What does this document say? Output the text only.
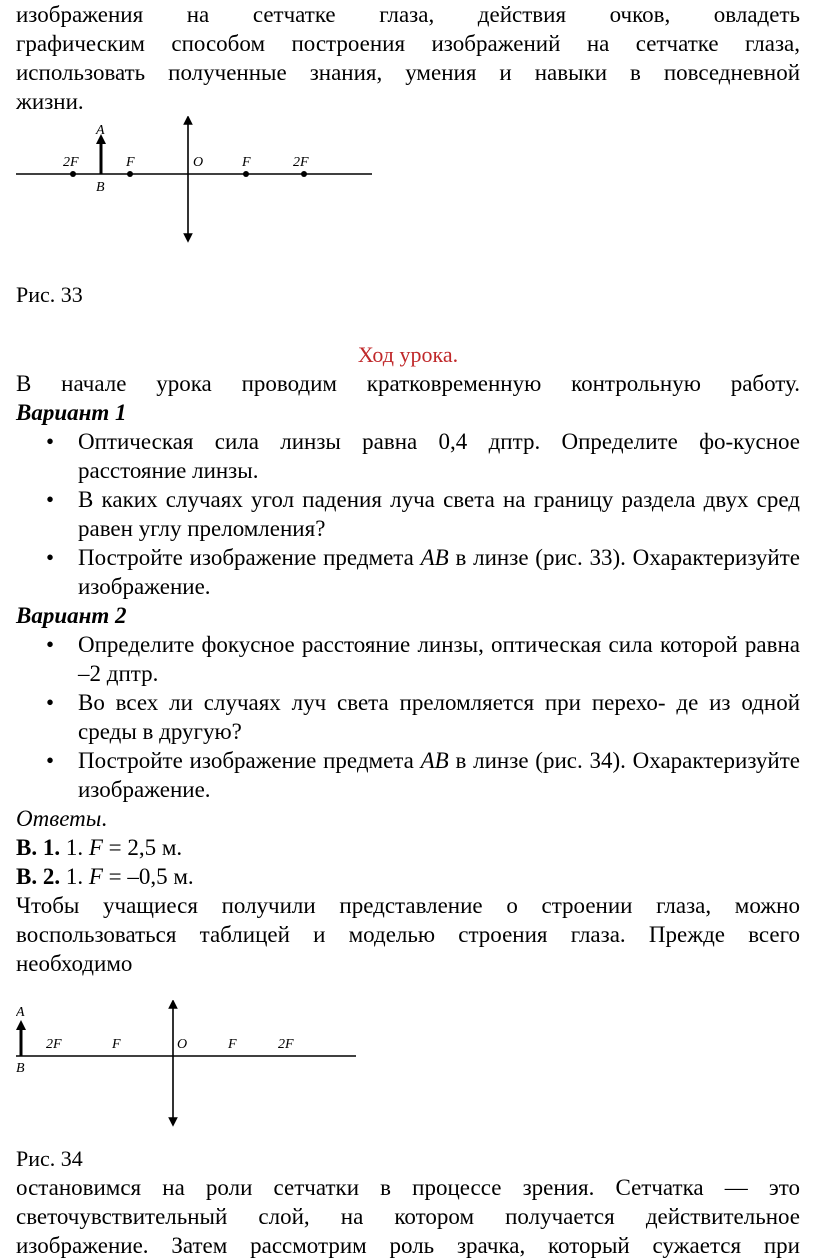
изображения на сетчатке глаза, действия очков, овладеть

графическим способом построения изображений на сетчатке глаза,

использовать полученные знания, умения и навыки в повседневной

жизни.

A
B
2F	F	O	F	2F

Рис. 33

Ход урока.

В начале урока проводим кратковременную контрольную работу.

Вариант 1

• Оптическая сила линзы равна 0,4 дптр. Определите фо-кусное расстояние линзы.
• В каких случаях угол падения луча света на границу раздела двух сред равен углу преломления?
• Постройте изображение предмета AB в линзе (рис. 33). Охарактеризуйте изображение.

Вариант 2

• Определите фокусное расстояние линзы, оптическая сила которой равна –2 дптр.
• Во всех ли случаях луч света преломляется при перехо- де из одной среды в другую?
• Постройте изображение предмета AB в линзе (рис. 34). Охарактеризуйте изображение.

Ответы.

В. 1. 1. F = 2,5 м.

В. 2. 1. F = –0,5 м.

Чтобы учащиеся получили представление о строении глаза, можно

воспользоваться таблицей и моделью строения глаза. Прежде всего

необходимо

A
B
2F	F	O	F	2F

Рис. 34

остановимся на роли сетчатки в процессе зрения. Сетчатка — это

светочувствительный слой, на котором получается действительное

изображение. Затем рассмотрим роль зрачка, который сужается при
